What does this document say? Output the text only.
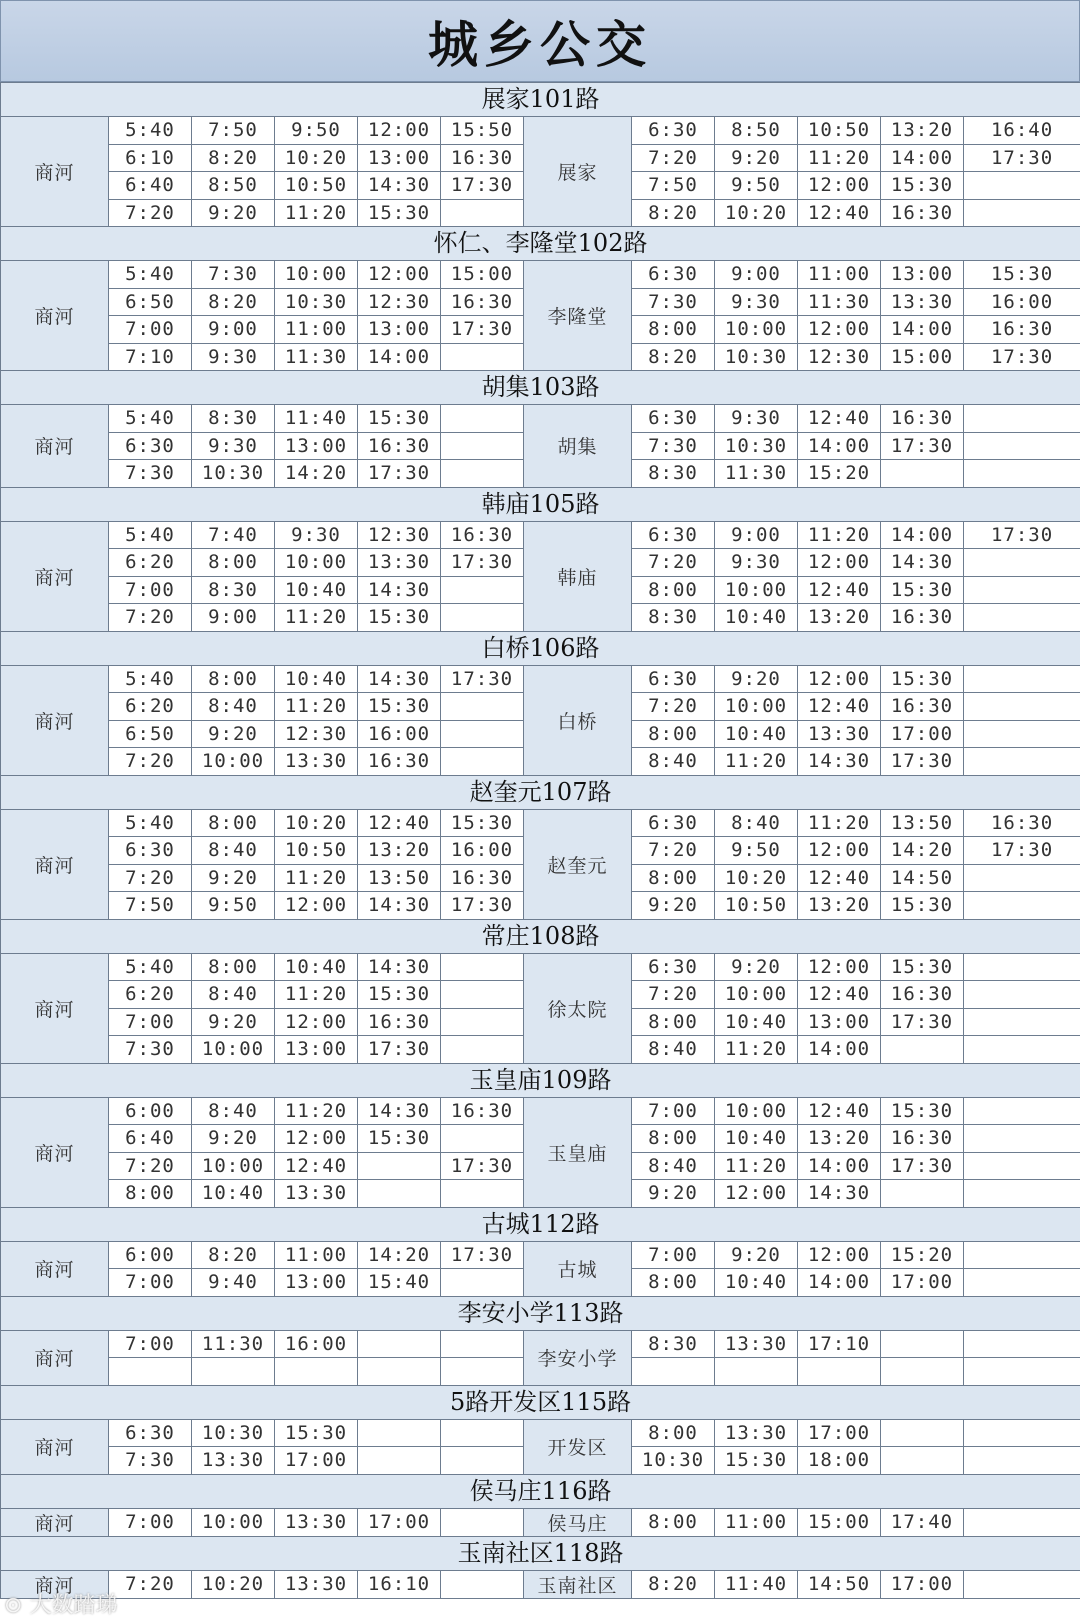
城乡公交
展家101路											
商河	5:40	7:50	9:50	12:00	15:50	展家	6:30	8:50	10:50	13:20	16:40
	6:10	8:20	10:20	13:00	16:30		7:20	9:20	11:20	14:00	17:30
	6:40	8:50	10:50	14:30	17:30		7:50	9:50	12:00	15:30	
	7:20	9:20	11:20	15:30			8:20	10:20	12:40	16:30	
怀仁、李隆堂102路											
商河	5:40	7:30	10:00	12:00	15:00	李隆堂	6:30	9:00	11:00	13:00	15:30
	6:50	8:20	10:30	12:30	16:30		7:30	9:30	11:30	13:30	16:00
	7:00	9:00	11:00	13:00	17:30		8:00	10:00	12:00	14:00	16:30
	7:10	9:30	11:30	14:00			8:20	10:30	12:30	15:00	17:30
胡集103路											
商河	5:40	8:30	11:40	15:30		胡集	6:30	9:30	12:40	16:30	
	6:30	9:30	13:00	16:30			7:30	10:30	14:00	17:30	
	7:30	10:30	14:20	17:30			8:30	11:30	15:20		
韩庙105路											
商河	5:40	7:40	9:30	12:30	16:30	韩庙	6:30	9:00	11:20	14:00	17:30
	6:20	8:00	10:00	13:30	17:30		7:20	9:30	12:00	14:30	
	7:00	8:30	10:40	14:30			8:00	10:00	12:40	15:30	
	7:20	9:00	11:20	15:30			8:30	10:40	13:20	16:30	
白桥106路											
商河	5:40	8:00	10:40	14:30	17:30	白桥	6:30	9:20	12:00	15:30	
	6:20	8:40	11:20	15:30			7:20	10:00	12:40	16:30	
	6:50	9:20	12:30	16:00			8:00	10:40	13:30	17:00	
	7:20	10:00	13:30	16:30			8:40	11:20	14:30	17:30	
赵奎元107路											
商河	5:40	8:00	10:20	12:40	15:30	赵奎元	6:30	8:40	11:20	13:50	16:30
	6:30	8:40	10:50	13:20	16:00		7:20	9:50	12:00	14:20	17:30
	7:20	9:20	11:20	13:50	16:30		8:00	10:20	12:40	14:50	
	7:50	9:50	12:00	14:30	17:30		9:20	10:50	13:20	15:30	
常庄108路											
商河	5:40	8:00	10:40	14:30		徐太院	6:30	9:20	12:00	15:30	
	6:20	8:40	11:20	15:30			7:20	10:00	12:40	16:30	
	7:00	9:20	12:00	16:30			8:00	10:40	13:00	17:30	
	7:30	10:00	13:00	17:30			8:40	11:20	14:00		
玉皇庙109路											
商河	6:00	8:40	11:20	14:30	16:30	玉皇庙	7:00	10:00	12:40	15:30	
	6:40	9:20	12:00	15:30			8:00	10:40	13:20	16:30	
	7:20	10:00	12:40		17:30		8:40	11:20	14:00	17:30	
	8:00	10:40	13:30				9:20	12:00	14:30		
古城112路											
商河	6:00	8:20	11:00	14:20	17:30	古城	7:00	9:20	12:00	15:20	
	7:00	9:40	13:00	15:40			8:00	10:40	14:00	17:00	
李安小学113路											
商河	7:00	11:30	16:00			李安小学	8:30	13:30	17:10		

5路开发区115路											
商河	6:30	10:30	15:30			开发区	8:00	13:30	17:00		
	7:30	13:30	17:00				10:30	15:30	18:00		
侯马庄116路											
商河	7:00	10:00	13:30	17:00		侯马庄	8:00	11:00	15:00	17:40	
玉南社区118路											
商河	7:20	10:20	13:30	16:10		玉南社区	8:20	11:40	14:50	17:00	
⊙ 大数踏珶
